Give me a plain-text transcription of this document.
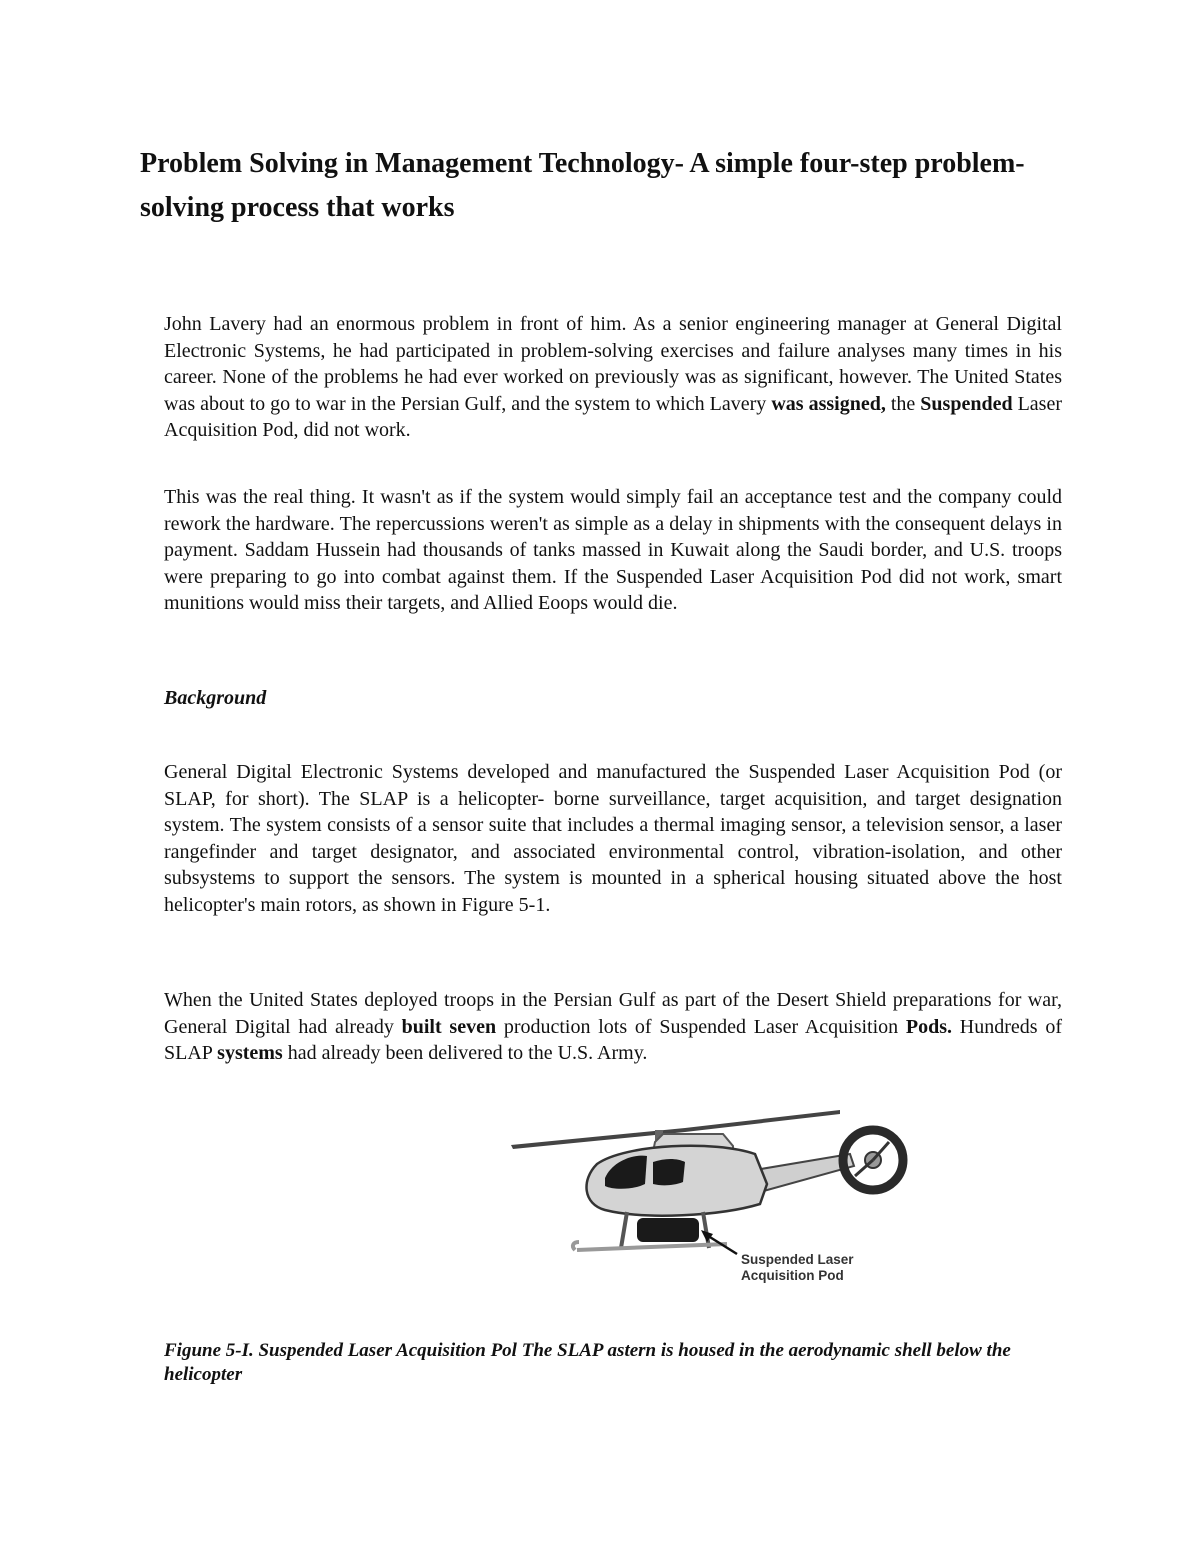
Problem Solving in Management Technology- A simple four-step problem-solving process that works

John Lavery had an enormous problem in front of him. As a senior engineering manager at General Digital Electronic Systems, he had participated in problem-solving exercises and failure analyses many times in his career. None of the problems he had ever worked on previously was as significant, however. The United States was about to go to war in the Persian Gulf, and the system to which Lavery was assigned, the Suspended Laser Acquisition Pod, did not work.

This was the real thing. It wasn't as if the system would simply fail an acceptance test and the company could rework the hardware. The repercussions weren't as simple as a delay in shipments with the consequent delays in payment. Saddam Hussein had thousands of tanks massed in Kuwait along the Saudi border, and U.S. troops were preparing to go into combat against them. If the Suspended Laser Acquisition Pod did not work, smart munitions would miss their targets, and Allied Eoops would die.

Background

General Digital Electronic Systems developed and manufactured the Suspended Laser Acquisition Pod (or SLAP, for short). The SLAP is a helicopter- borne surveillance, target acquisition, and target designation system. The system consists of a sensor suite that includes a thermal imaging sensor, a television sensor, a laser rangefinder and target designator, and associated environmental control, vibration-isolation, and other subsystems to support the sensors. The system is mounted in a spherical housing situated above the host helicopter's main rotors, as shown in Figure 5-1.

When the United States deployed troops in the Persian Gulf as part of the Desert Shield preparations for war, General Digital had already built seven production lots of Suspended Laser Acquisition Pods. Hundreds of SLAP systems had already been delivered to the U.S. Army.

Suspended Laser
Acquisition Pod

Figune 5-I. Suspended Laser Acquisition Pol The SLAP astern is housed in the aerodynamic shell below the helicopter
